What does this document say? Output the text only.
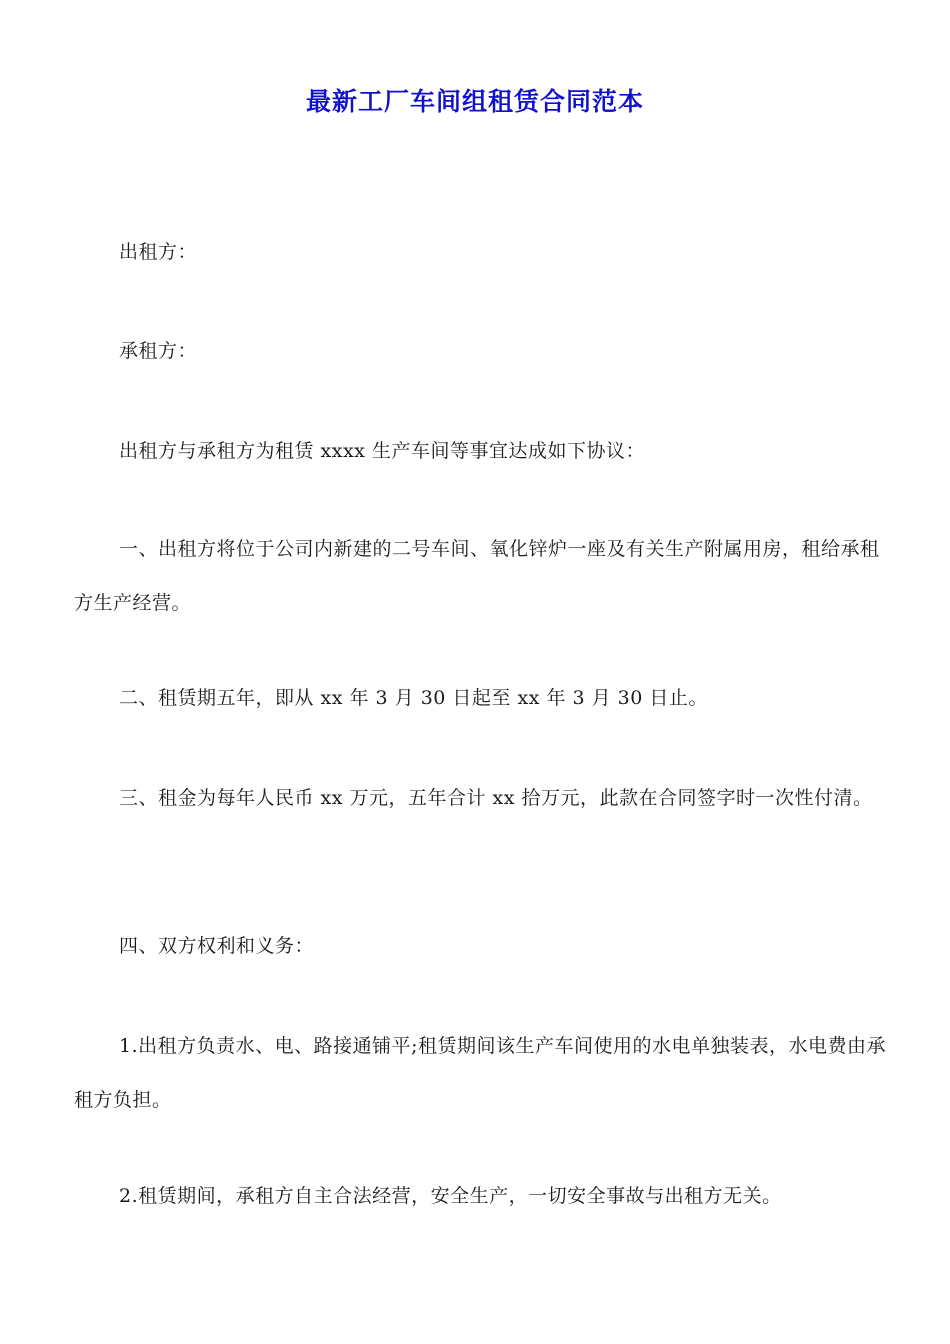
最新工厂车间组租赁合同范本

出租方：

承租方：

出租方与承租方为租赁 xxxx 生产车间等事宜达成如下协议：

一、出租方将位于公司内新建的二号车间、氧化锌炉一座及有关生产附属用房，租给承租方生产经营。

二、租赁期五年，即从 xx 年 3 月 30 日起至 xx 年 3 月 30 日止。

三、租金为每年人民币 xx 万元，五年合计 xx 拾万元，此款在合同签字时一次性付清。

四、双方权利和义务：

1.出租方负责水、电、路接通铺平;租赁期间该生产车间使用的水电单独装表，水电费由承租方负担。

2.租赁期间，承租方自主合法经营，安全生产，一切安全事故与出租方无关。
